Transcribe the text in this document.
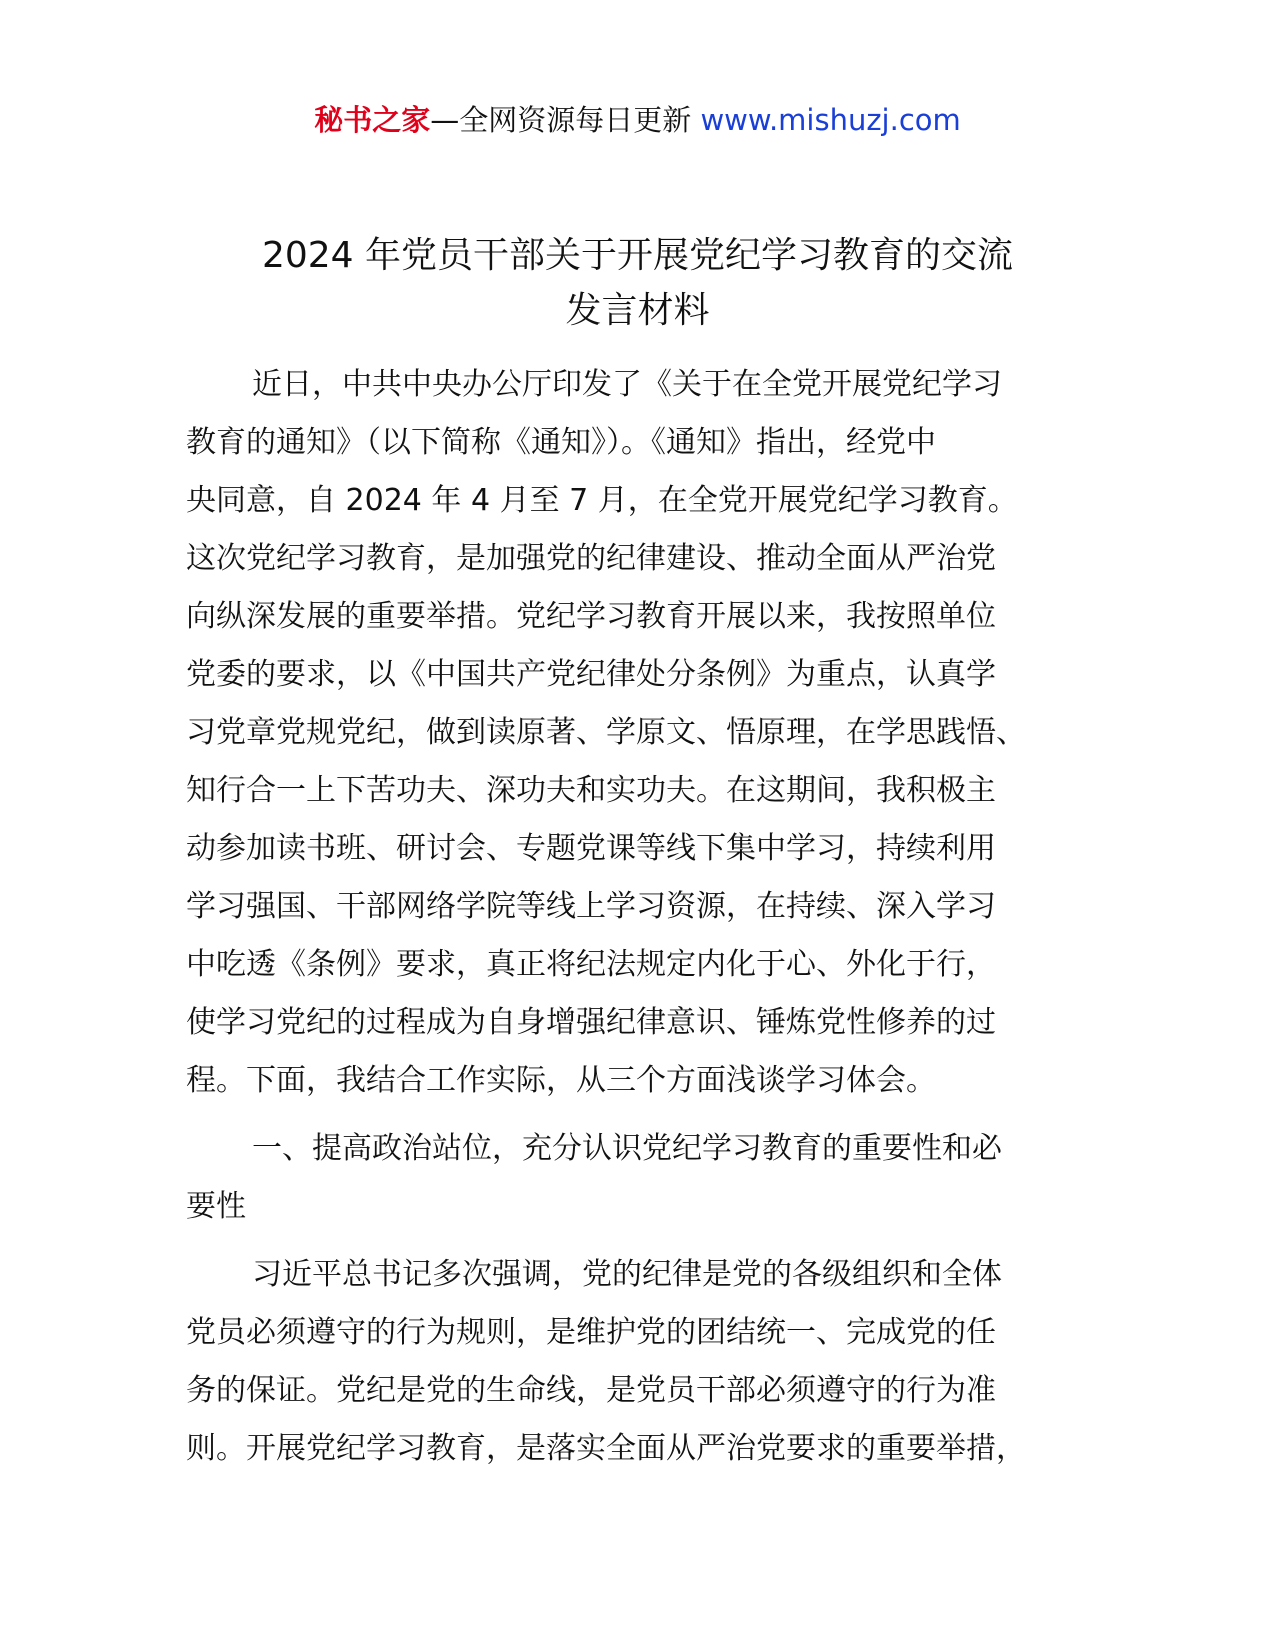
秘书之家—全网资源每日更新 www.mishuzj.com
2024 年党员干部关于开展党纪学习教育的交流
发言材料
近日，中共中央办公厅印发了《关于在全党开展党纪学习
教育的通知》（以下简称《通知》）。《通知》指出，经党中
央同意，自 2024 年 4 月至 7 月，在全党开展党纪学习教育。
这次党纪学习教育，是加强党的纪律建设、推动全面从严治党
向纵深发展的重要举措。党纪学习教育开展以来，我按照单位
党委的要求，以《中国共产党纪律处分条例》为重点，认真学
习党章党规党纪，做到读原著、学原文、悟原理，在学思践悟、
知行合一上下苦功夫、深功夫和实功夫。在这期间，我积极主
动参加读书班、研讨会、专题党课等线下集中学习，持续利用
学习强国、干部网络学院等线上学习资源，在持续、深入学习
中吃透《条例》要求，真正将纪法规定内化于心、外化于行，
使学习党纪的过程成为自身增强纪律意识、锤炼党性修养的过
程。下面，我结合工作实际，从三个方面浅谈学习体会。
一、提高政治站位，充分认识党纪学习教育的重要性和必
要性
习近平总书记多次强调，党的纪律是党的各级组织和全体
党员必须遵守的行为规则，是维护党的团结统一、完成党的任
务的保证。党纪是党的生命线，是党员干部必须遵守的行为准
则。开展党纪学习教育，是落实全面从严治党要求的重要举措，
